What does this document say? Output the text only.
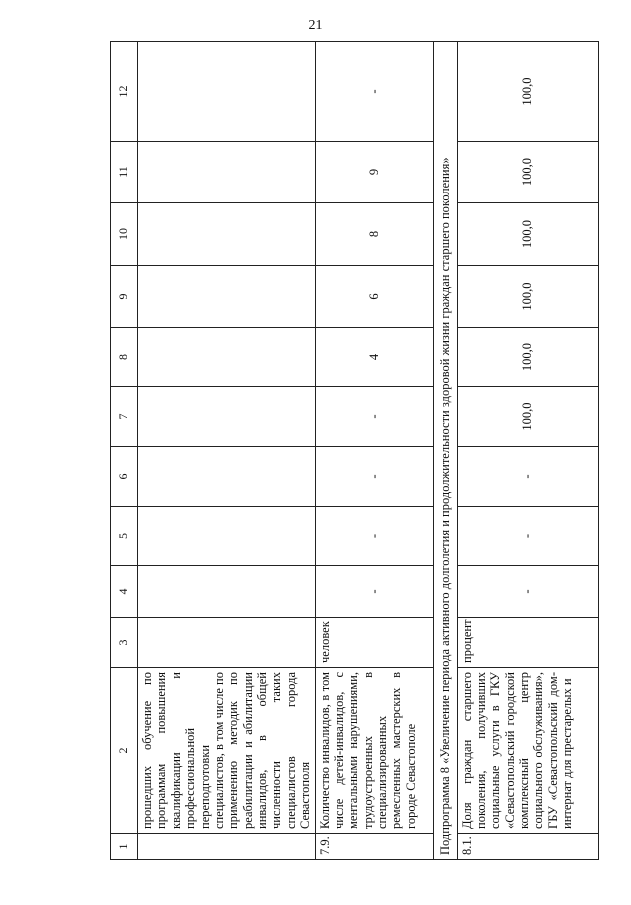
21
1	2	3	4	5	6	7	8	9	10	11	12
	прошедших обучение по программам повышения квалификации и профессиональной переподготовки специалистов, в том числе по применению методик по реабилитации и абилитации инвалидов, в общей численности таких специалистов города Севастополя										
7.9.	Количество инвалидов, в том числе детей-инвалидов, с ментальными нарушениями, трудоустроенных в специализированных ремесленных мастерских в городе Севастополе	человек	-	-	-	-	4	6	8	9	-
Подпрограмма 8 «Увеличение периода активного долголетия и продолжительности здоровой жизни граждан старшего поколения»											
8.1.	Доля граждан старшего поколения, получивших социальные услуги в ГКУ «Севастопольский городской комплексный центр социального обслуживания», ГБУ «Севастопольский дом-интернат для престарелых и	процент	-	-	-	100,0	100,0	100,0	100,0	100,0	100,0
